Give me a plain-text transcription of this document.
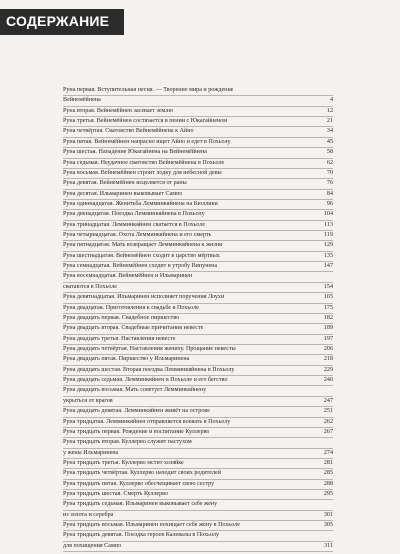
СОДЕРЖАНИЕ
Руна первая. Вступительная песня. — Творение мира и рождение
Вейнемёйнена	4
Руна вторая. Вейнемёйнен засевает землю	12
Руна третья. Вейнемёйнен состязается в пении с Юкагайненом	21
Руна четвёртая. Сватовство Вейнемёйнена к Айно	34
Руна пятая. Вейнемёйнен напрасно ищет Айно и едет в Похьолу	45
Руна шестая. Нападение Юкагайнена на Вейнемёйнена	58
Руна седьмая. Неудачное сватовство Вейнемёйнена в Похьоле	62
Руна восьмая. Вейнемёйнен строит лодку для небесной девы	70
Руна девятая. Вейнемёйнен исцеляется от раны	76
Руна десятая. Ильмаринен выковывает Сампо	84
Руна одиннадцатая. Женитьба Лемминкяйнена на Кюллики	96
Руна двенадцатая. Поездка Лемминкяйнена в Похьолу	104
Руна тринадцатая. Лемминкяйнен сватается в Похьоле	113
Руна четырнадцатая. Охота Лемминкяйнена и его смерть	119
Руна пятнадцатая. Мать возвращает Лемминкяйнена к жизни	129
Руна шестнадцатая. Вейнемёйнен сходит в царство мёртвых	135
Руна семнадцатая. Вейнемёйнен сходит в утробу Випунена	147
Руна восемнадцатая. Вейнемёйнен и Ильмаринен
сватаются в Похьоле	154
Руна девятнадцатая. Ильмаринен исполняет поручения Лоухи	165
Руна двадцатая. Приготовления к свадьбе в Похьоле	175
Руна двадцать первая. Свадебное пиршество	182
Руна двадцать вторая. Свадебные причитания невесте	189
Руна двадцать третья. Наставления невесте	197
Руна двадцать четвёртая. Наставления жениху. Прощание невесты	206
Руна двадцать пятая. Пиршество у Ильмаринена	218
Руна двадцать шестая. Вторая поездка Лемминкяйнена в Похьолу	229
Руна двадцать седьмая. Лемминкяйнен в Похьоле и его бегство	240
Руна двадцать восьмая. Мать советует Лемминкяйнену
укрыться от врагов	247
Руна двадцать девятая. Лемминкяйнен живёт на острове	251
Руна тридцатая. Лемминкяйнен отправляется воевать в Похьолу	262
Руна тридцать первая. Рождение и воспитание Куллерво	267
Руна тридцать вторая. Куллерво служит пастухом
у жены Ильмаринена	274
Руна тридцать третья. Куллерво мстит хозяйке	281
Руна тридцать четвёртая. Куллерво находит своих родителей	285
Руна тридцать пятая. Куллерво обесчещивает свою сестру	288
Руна тридцать шестая. Смерть Куллерво	295
Руна тридцать седьмая. Ильмаринен выковывает себе жену
из золота и серебра	301
Руна тридцать восьмая. Ильмаринен похищает себе жену в Похьоле	305
Руна тридцать девятая. Поездка героев Калевалы в Похьолу
для похищения Сампо	311
